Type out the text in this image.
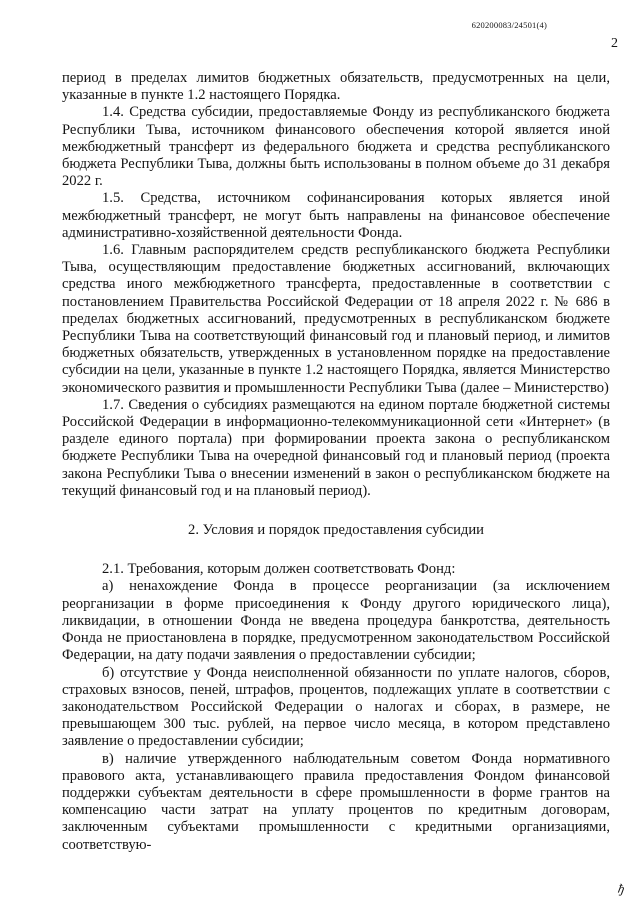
620200083/24501(4)
2

период в пределах лимитов бюджетных обязательств, предусмотренных на цели, указанные в пункте 1.2 настоящего Порядка.

1.4. Средства субсидии, предоставляемые Фонду из республиканского бюджета Республики Тыва, источником финансового обеспечения которой является иной межбюджетный трансферт из федерального бюджета и средства республиканского бюджета Республики Тыва, должны быть использованы в полном объеме до 31 декабря 2022 г.

1.5. Средства, источником софинансирования которых является иной межбюджетный трансферт, не могут быть направлены на финансовое обеспечение административно-хозяйственной деятельности Фонда.

1.6. Главным распорядителем средств республиканского бюджета Республики Тыва, осуществляющим предоставление бюджетных ассигнований, включающих средства иного межбюджетного трансферта, предоставленные в соответствии с постановлением Правительства Российской Федерации от 18 апреля 2022 г. № 686 в пределах бюджетных ассигнований, предусмотренных в республиканском бюджете Республики Тыва на соответствующий финансовый год и плановый период, и лимитов бюджетных обязательств, утвержденных в установленном порядке на предоставление субсидии на цели, указанные в пункте 1.2 настоящего Порядка, является Министерство экономического развития и промышленности Республики Тыва (далее – Министерство)

1.7. Сведения о субсидиях размещаются на едином портале бюджетной системы Российской Федерации в информационно-телекоммуникационной сети «Интернет» (в разделе единого портала) при формировании проекта закона о республиканском бюджете Республики Тыва на очередной финансовый год и плановый период (проекта закона Республики Тыва о внесении изменений в закон о республиканском бюджете на текущий финансовый год и на плановый период).

2. Условия и порядок предоставления субсидии

2.1. Требования, которым должен соответствовать Фонд:

а) ненахождение Фонда в процессе реорганизации (за исключением реорганизации в форме присоединения к Фонду другого юридического лица), ликвидации, в отношении Фонда не введена процедура банкротства, деятельность Фонда не приостановлена в порядке, предусмотренном законодательством Российской Федерации, на дату подачи заявления о предоставлении субсидии;

б) отсутствие у Фонда неисполненной обязанности по уплате налогов, сборов, страховых взносов, пеней, штрафов, процентов, подлежащих уплате в соответствии с законодательством Российской Федерации о налогах и сборах, в размере, не превышающем 300 тыс. рублей, на первое число месяца, в котором представлено заявление о предоставлении субсидии;

в) наличие утвержденного наблюдательным советом Фонда нормативного правового акта, устанавливающего правила предоставления Фондом финансовой поддержки субъектам деятельности в сфере промышленности в форме грантов на компенсацию части затрат на уплату процентов по кредитным договорам, заключенным субъектами промышленности с кредитными организациями, соответствую-

ђ
